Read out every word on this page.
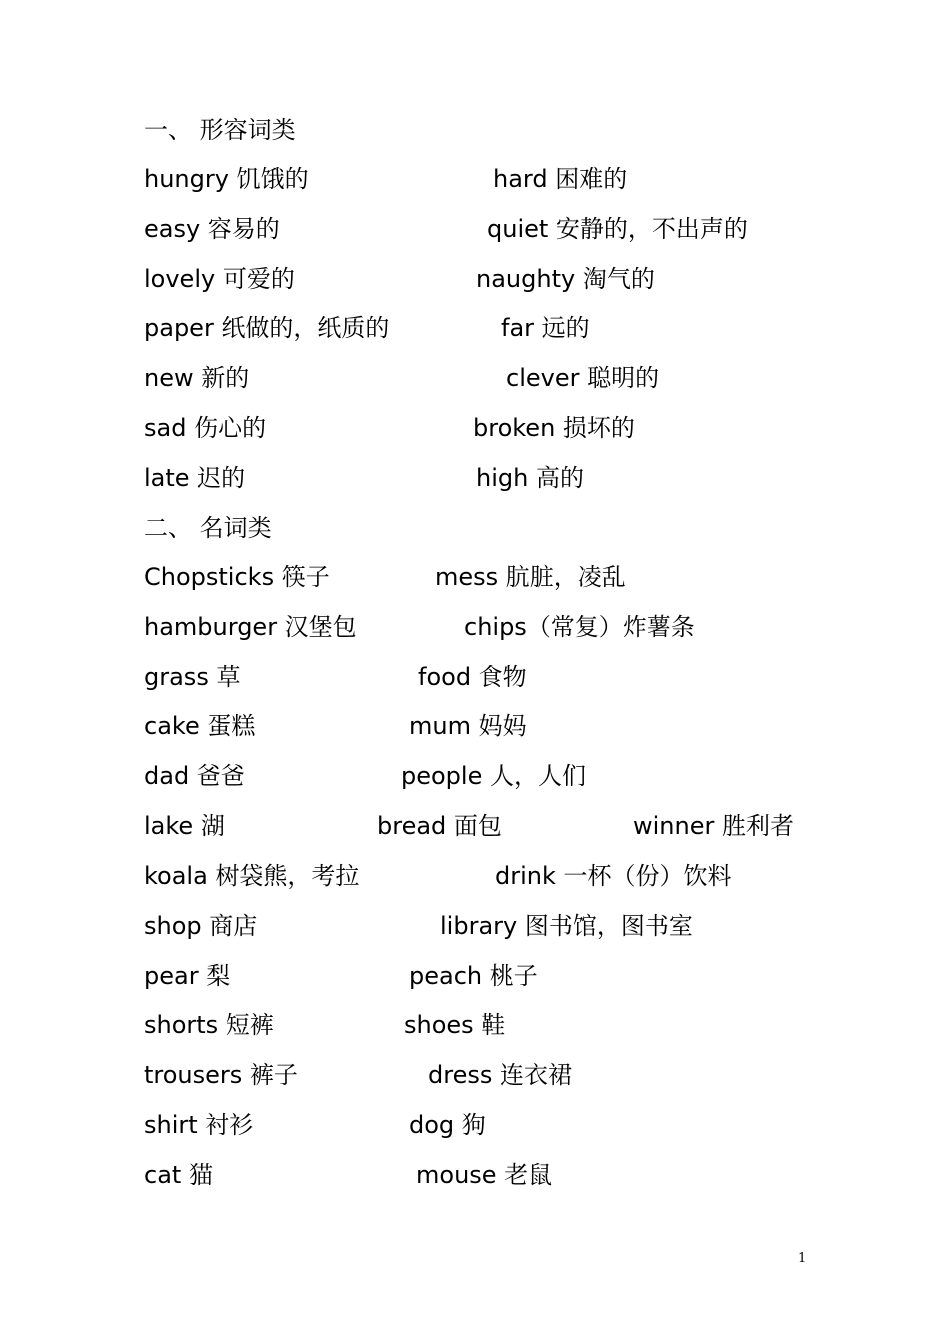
一、 形容词类
hungry 饥饿的	hard 困难的
easy 容易的	quiet 安静的，不出声的
lovely 可爱的	naughty 淘气的
paper 纸做的，纸质的	far 远的
new 新的	clever 聪明的
sad 伤心的	broken 损坏的
late 迟的	high 高的
二、 名词类
Chopsticks 筷子	mess 肮脏，凌乱
hamburger 汉堡包	chips（常复）炸薯条
grass 草	food 食物
cake 蛋糕	mum 妈妈
dad 爸爸	people 人，人们
lake 湖	bread 面包	winner 胜利者
koala 树袋熊，考拉	drink 一杯（份）饮料
shop 商店	library 图书馆，图书室
pear 梨	peach 桃子
shorts 短裤	shoes 鞋
trousers 裤子	dress 连衣裙
shirt 衬衫	dog 狗
cat 猫	mouse 老鼠
1
